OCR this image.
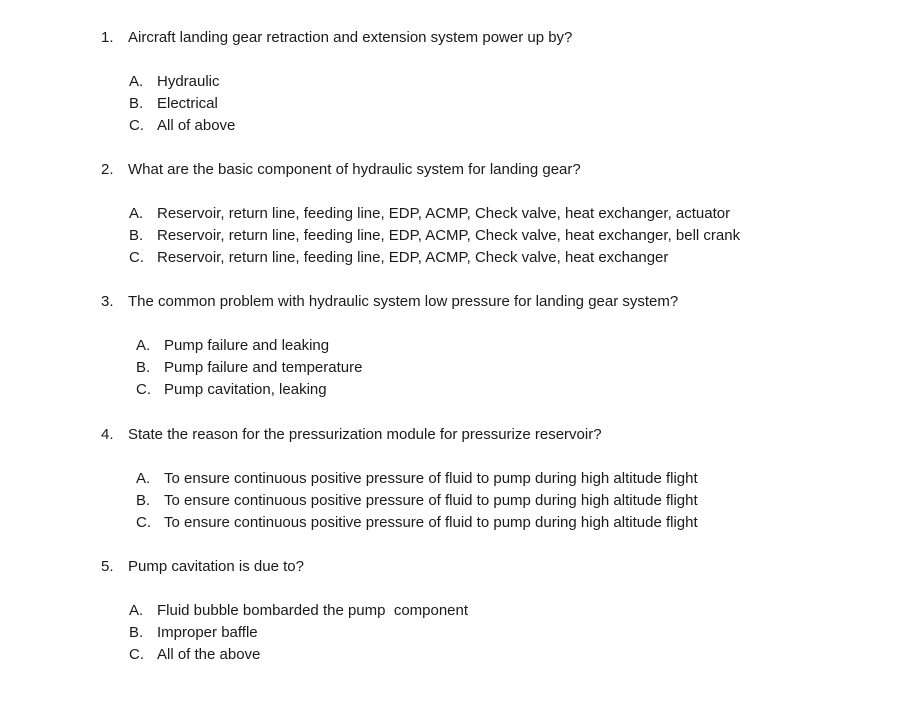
1. Aircraft landing gear retraction and extension system power up by?
A. Hydraulic
B. Electrical
C. All of above
2. What are the basic component of hydraulic system for landing gear?
A. Reservoir, return line, feeding line, EDP, ACMP, Check valve, heat exchanger, actuator
B. Reservoir, return line, feeding line, EDP, ACMP, Check valve, heat exchanger, bell crank
C. Reservoir, return line, feeding line, EDP, ACMP, Check valve, heat exchanger
3. The common problem with hydraulic system low pressure for landing gear system?
A. Pump failure and leaking
B. Pump failure and temperature
C. Pump cavitation, leaking
4. State the reason for the pressurization module for pressurize reservoir?
A. To ensure continuous positive pressure of fluid to pump during high altitude flight
B. To ensure continuous positive pressure of fluid to pump during high altitude flight
C. To ensure continuous positive pressure of fluid to pump during high altitude flight
5. Pump cavitation is due to?
A. Fluid bubble bombarded the pump  component
B. Improper baffle
C. All of the above
